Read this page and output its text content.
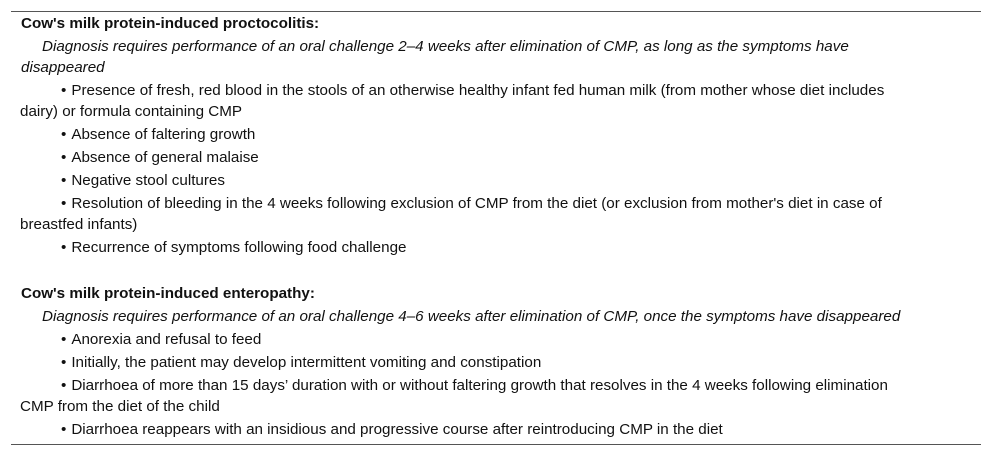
Cow's milk protein-induced proctocolitis:
Diagnosis requires performance of an oral challenge 2–4 weeks after elimination of CMP, as long as the symptoms have
disappeared
• Presence of fresh, red blood in the stools of an otherwise healthy infant fed human milk (from mother whose diet includes
dairy) or formula containing CMP
• Absence of faltering growth
• Absence of general malaise
• Negative stool cultures
• Resolution of bleeding in the 4 weeks following exclusion of CMP from the diet (or exclusion from mother's diet in case of
breastfed infants)
• Recurrence of symptoms following food challenge
Cow's milk protein-induced enteropathy:
Diagnosis requires performance of an oral challenge 4–6 weeks after elimination of CMP, once the symptoms have disappeared
• Anorexia and refusal to feed
• Initially, the patient may develop intermittent vomiting and constipation
• Diarrhoea of more than 15 days’ duration with or without faltering growth that resolves in the 4 weeks following elimination
CMP from the diet of the child
• Diarrhoea reappears with an insidious and progressive course after reintroducing CMP in the diet
